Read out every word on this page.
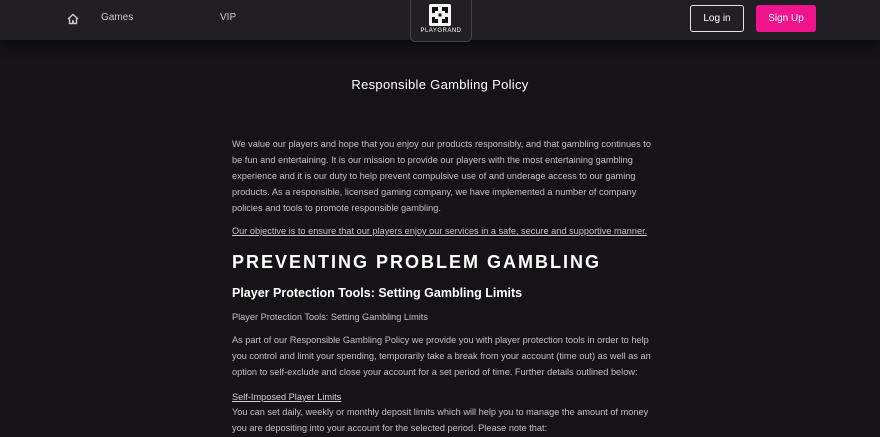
Games	VIP
PLAYGRAND
Log in	Sign Up
Responsible Gambling Policy

We value our players and hope that you enjoy our products responsibly, and that gambling continues to be fun and entertaining. It is our mission to provide our players with the most entertaining gambling experience and it is our duty to help prevent compulsive use of and underage access to our gaming products. As a responsible, licensed gaming company, we have implemented a number of company policies and tools to promote responsible gambling.

Our objective is to ensure that our players enjoy our services in a safe, secure and supportive manner.

PREVENTING PROBLEM GAMBLING
Player Protection Tools: Setting Gambling Limits

Player Protection Tools: Setting Gambling Limits

As part of our Responsible Gambling Policy we provide you with player protection tools in order to help you control and limit your spending, temporarily take a break from your account (time out) as well as an option to self-exclude and close your account for a set period of time. Further details outlined below:

Self-Imposed Player Limits

You can set daily, weekly or monthly deposit limits which will help you to manage the amount of money you are depositing into your account for the selected period. Please note that:
